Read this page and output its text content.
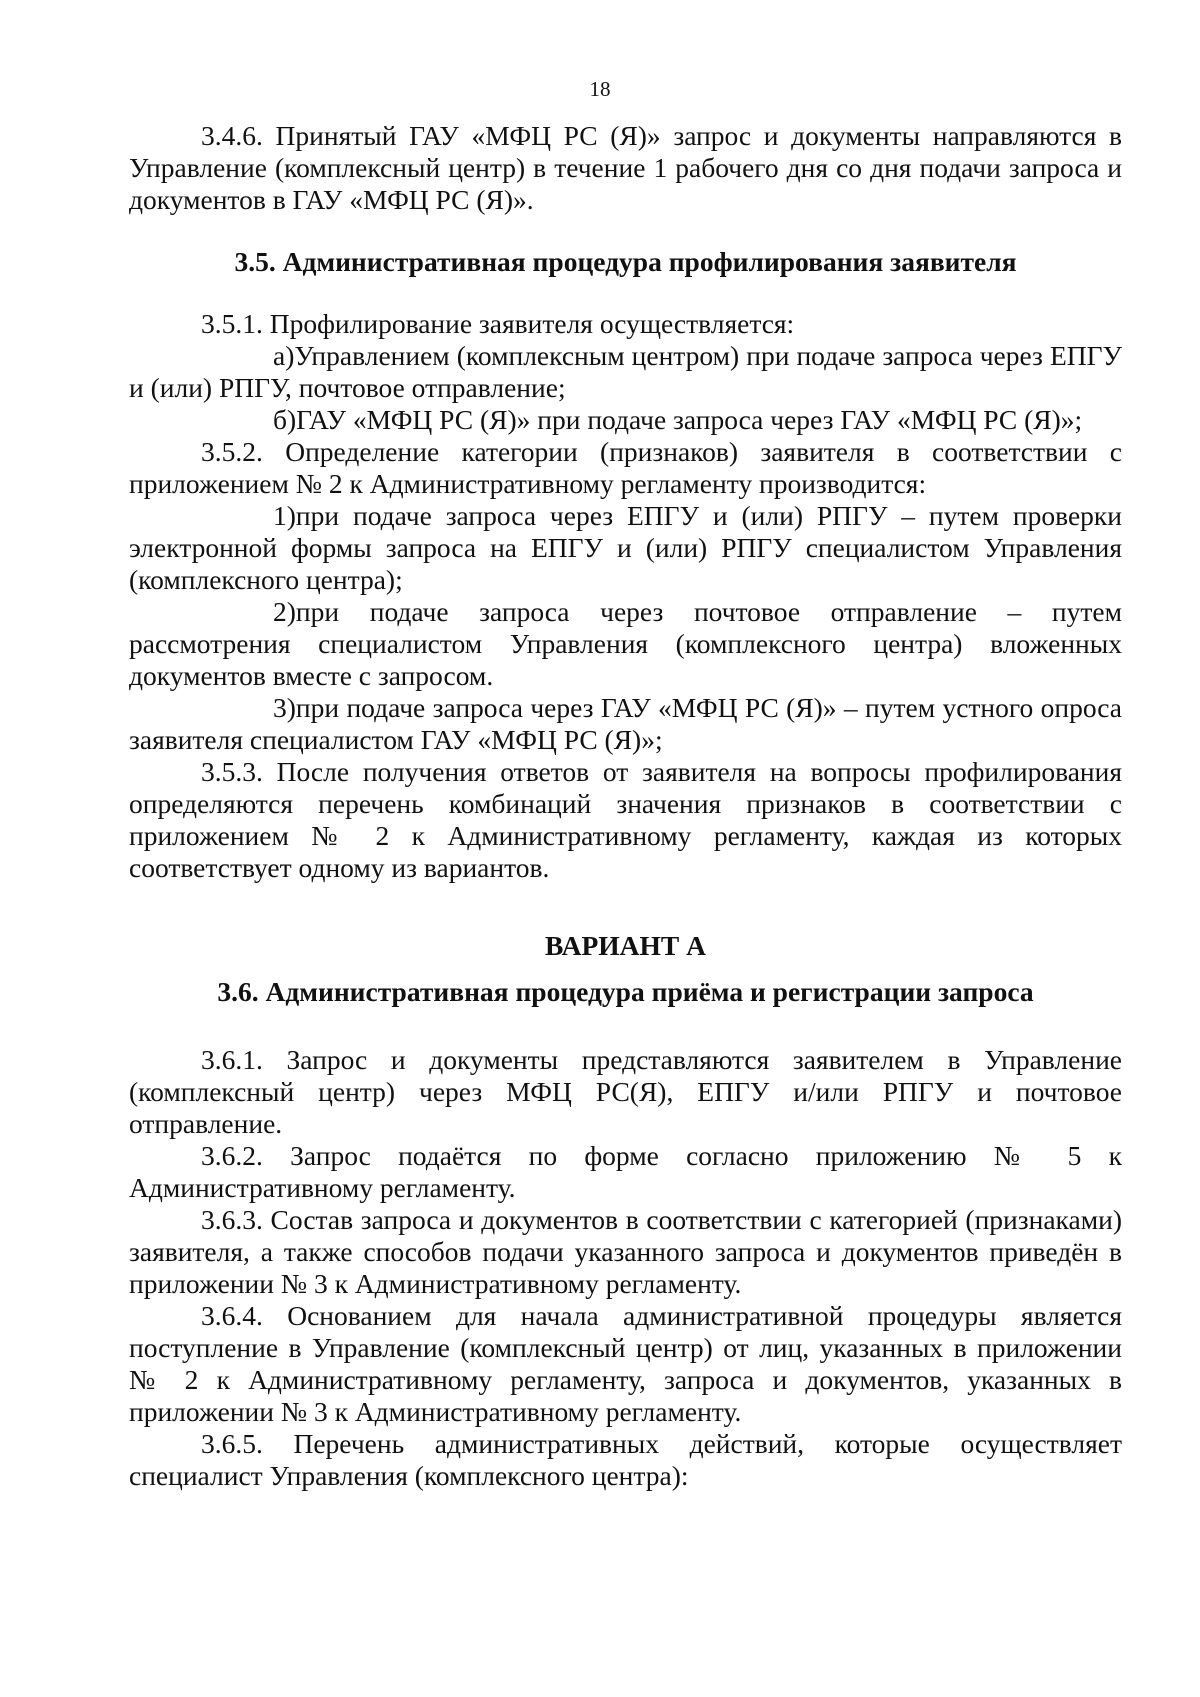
18

3.4.6. Принятый ГАУ «МФЦ РС (Я)» запрос и документы направляются в Управление (комплексный центр) в течение 1 рабочего дня со дня подачи запроса и документов в ГАУ «МФЦ РС (Я)».

3.5. Административная процедура профилирования заявителя

3.5.1. Профилирование заявителя осуществляется:

а)Управлением (комплексным центром) при подаче запроса через ЕПГУ и (или) РПГУ, почтовое отправление;

б)ГАУ «МФЦ РС (Я)» при подаче запроса через ГАУ «МФЦ РС (Я)»;

3.5.2. Определение категории (признаков) заявителя в соответствии с приложением № 2 к Административному регламенту производится:

1)при подаче запроса через ЕПГУ и (или) РПГУ – путем проверки электронной формы запроса на ЕПГУ и (или) РПГУ специалистом Управления (комплексного центра);

2)при подаче запроса через почтовое отправление – путем рассмотрения специалистом Управления (комплексного центра) вложенных документов вместе с запросом.

3)при подаче запроса через ГАУ «МФЦ РС (Я)» – путем устного опроса заявителя специалистом ГАУ «МФЦ РС (Я)»;

3.5.3. После получения ответов от заявителя на вопросы профилирования определяются перечень комбинаций значения признаков в соответствии с приложением № 2 к Административному регламенту, каждая из которых соответствует одному из вариантов.

ВАРИАНТ А
3.6. Административная процедура приёма и регистрации запроса

3.6.1. Запрос и документы представляются заявителем в Управление (комплексный центр) через МФЦ РС(Я), ЕПГУ и/или РПГУ и почтовое отправление.

3.6.2. Запрос подаётся по форме согласно приложению № 5 к Административному регламенту.

3.6.3. Состав запроса и документов в соответствии с категорией (признаками) заявителя, а также способов подачи указанного запроса и документов приведён в приложении № 3 к Административному регламенту.

3.6.4. Основанием для начала административной процедуры является поступление в Управление (комплексный центр) от лиц, указанных в приложении № 2 к Административному регламенту, запроса и документов, указанных в приложении № 3 к Административному регламенту.

3.6.5. Перечень административных действий, которые осуществляет специалист Управления (комплексного центра):
